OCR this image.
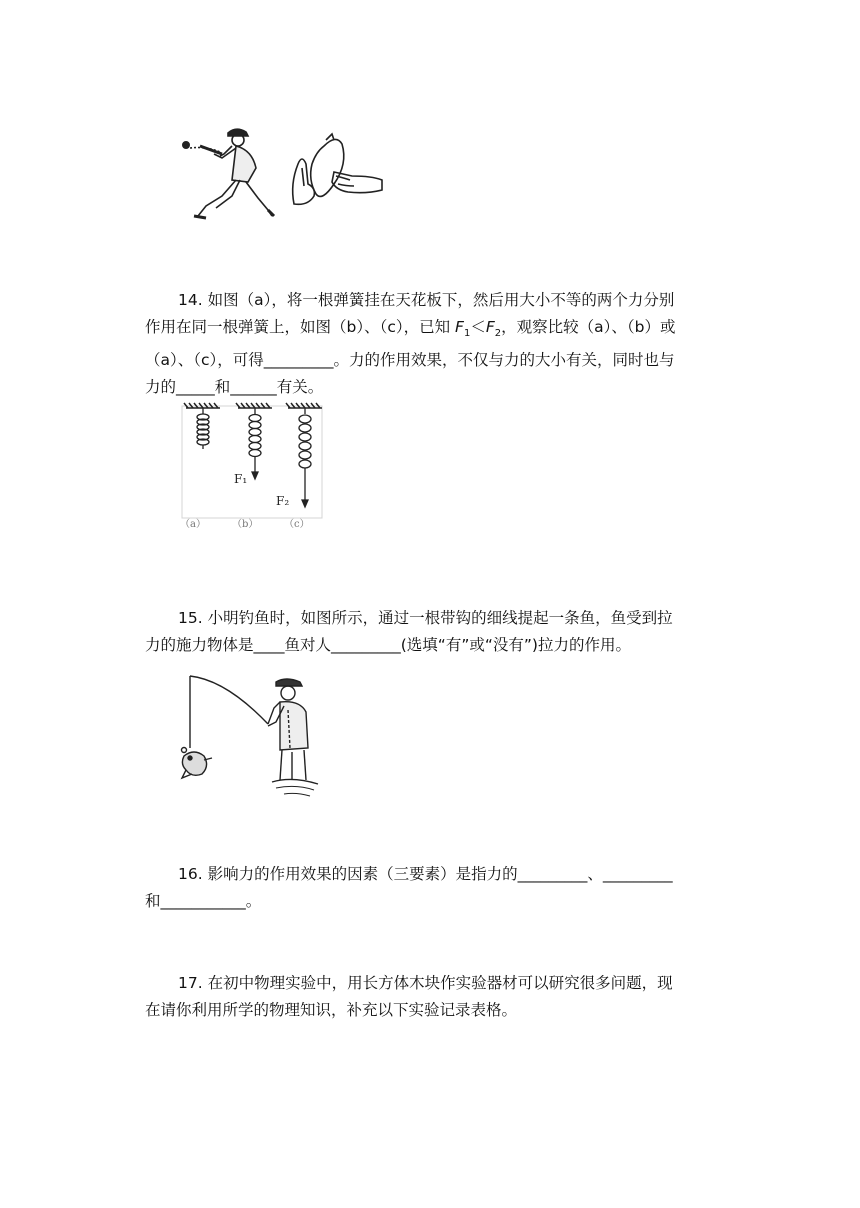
14. 如图（a），将一根弹簧挂在天花板下，然后用大小不等的两个力分别
作用在同一根弹簧上，如图（b）、（c），已知 $F_1<F_2$，观察比较（a）、（b）或
（a）、（c），可得_________。力的作用效果，不仅与力的大小有关，同时也与
力的_____和______有关。
F₁
F₂
（a）	（b）	（c）
15. 小明钓鱼时，如图所示，通过一根带钩的细线提起一条鱼，鱼受到拉
力的施力物体是____鱼对人_________(选填“有”或“没有”)拉力的作用。
16. 影响力的作用效果的因素（三要素）是指力的_________、_________
和___________。
17. 在初中物理实验中，用长方体木块作实验器材可以研究很多问题，现
在请你利用所学的物理知识，补充以下实验记录表格。
